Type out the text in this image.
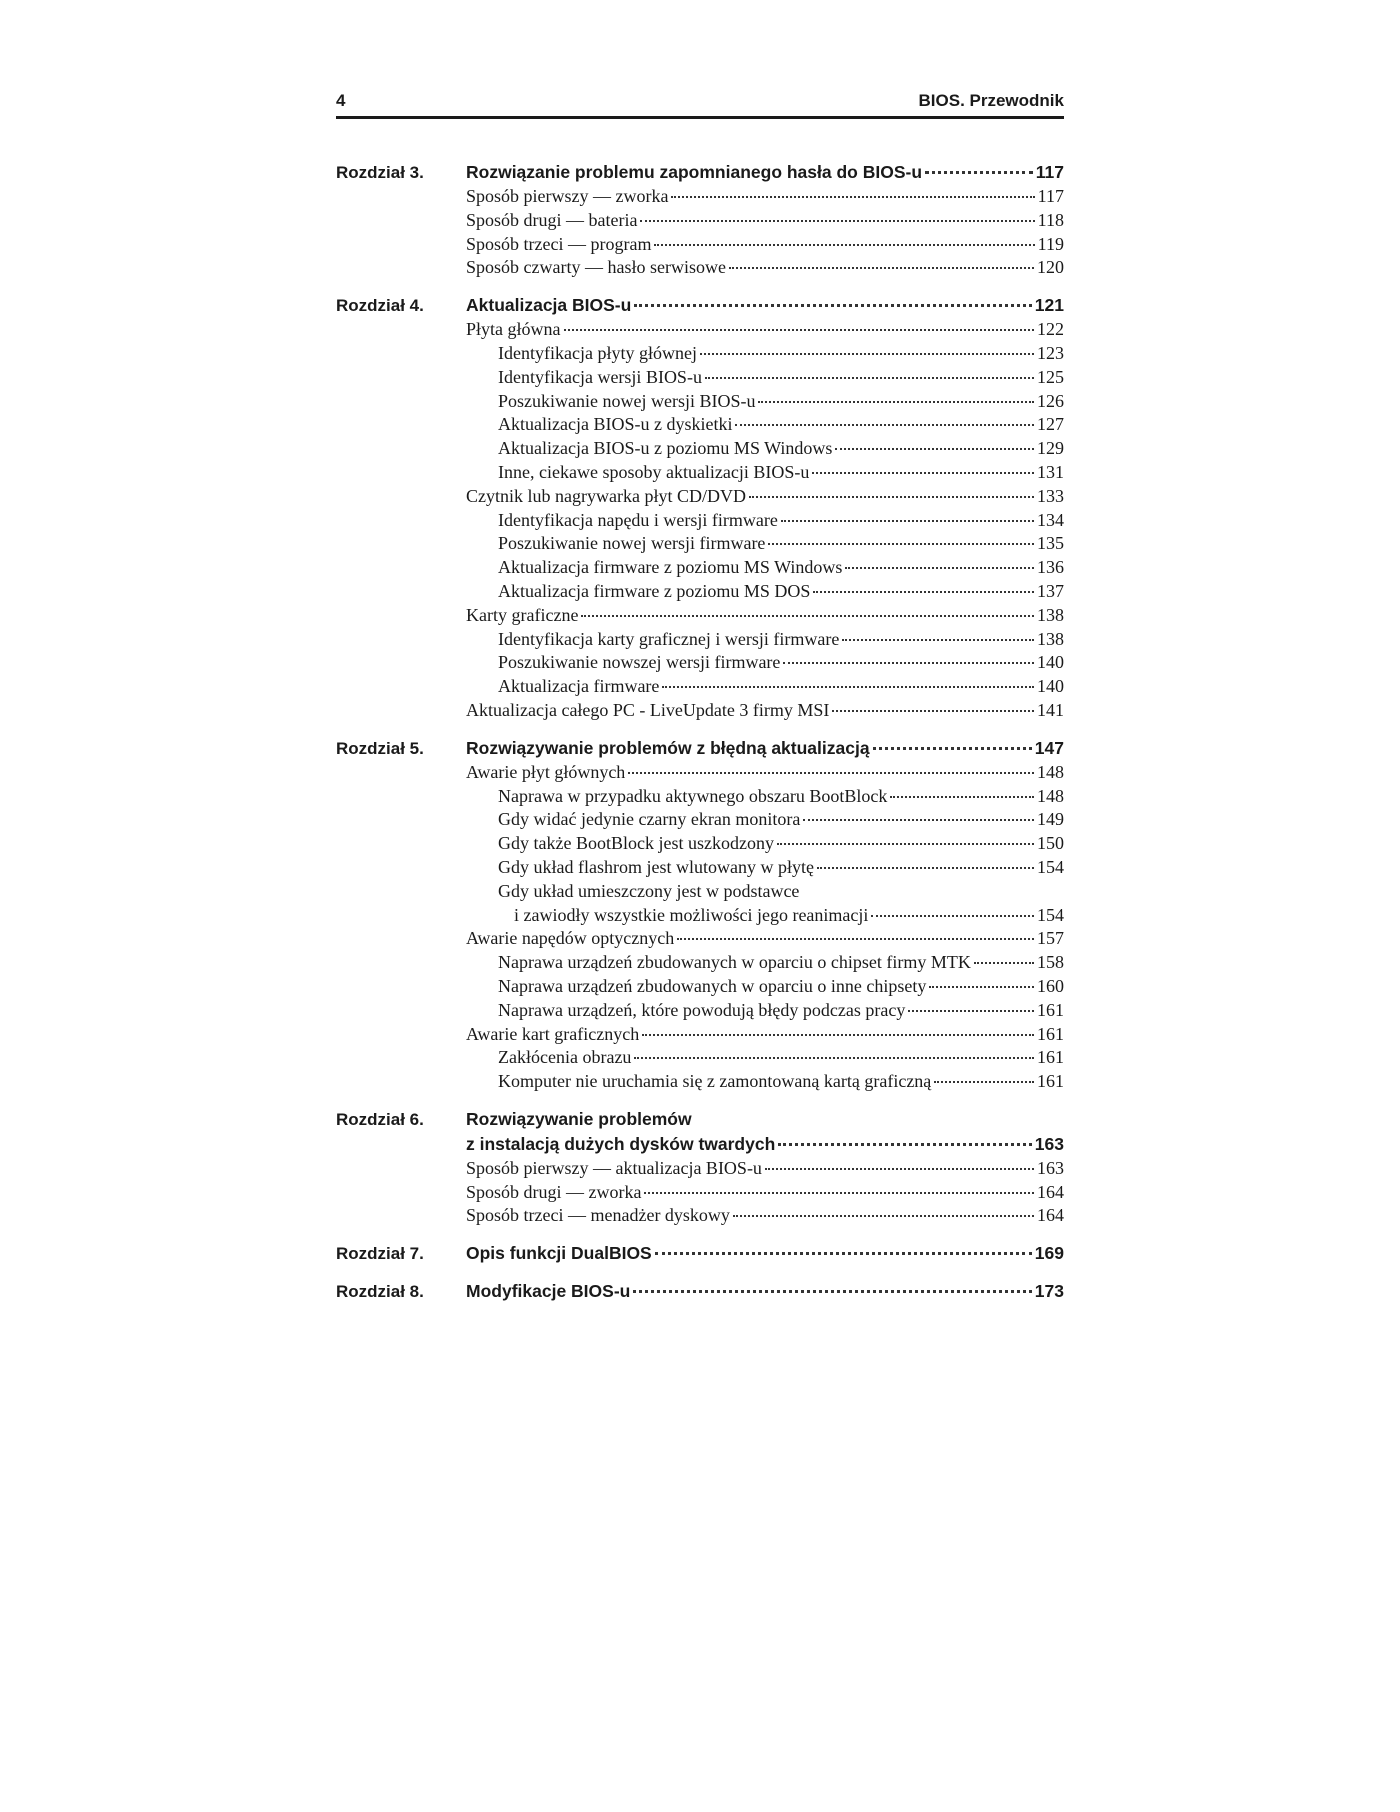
4	BIOS. Przewodnik
Rozdział 3. Rozwiązanie problemu zapomnianego hasła do BIOS-u	117
Sposób pierwszy — zworka	117
Sposób drugi — bateria	118
Sposób trzeci — program	119
Sposób czwarty — hasło serwisowe	120
Rozdział 4. Aktualizacja BIOS-u	121
Płyta główna	122
Identyfikacja płyty głównej	123
Identyfikacja wersji BIOS-u	125
Poszukiwanie nowej wersji BIOS-u	126
Aktualizacja BIOS-u z dyskietki	127
Aktualizacja BIOS-u z poziomu MS Windows	129
Inne, ciekawe sposoby aktualizacji BIOS-u	131
Czytnik lub nagrywarka płyt CD/DVD	133
Identyfikacja napędu i wersji firmware	134
Poszukiwanie nowej wersji firmware	135
Aktualizacja firmware z poziomu MS Windows	136
Aktualizacja firmware z poziomu MS DOS	137
Karty graficzne	138
Identyfikacja karty graficznej i wersji firmware	138
Poszukiwanie nowszej wersji firmware	140
Aktualizacja firmware	140
Aktualizacja całego PC - LiveUpdate 3 firmy MSI	141
Rozdział 5. Rozwiązywanie problemów z błędną aktualizacją	147
Awarie płyt głównych	148
Naprawa w przypadku aktywnego obszaru BootBlock	148
Gdy widać jedynie czarny ekran monitora	149
Gdy także BootBlock jest uszkodzony	150
Gdy układ flashrom jest wlutowany w płytę	154
Gdy układ umieszczony jest w podstawce
i zawiodły wszystkie możliwości jego reanimacji	154
Awarie napędów optycznych	157
Naprawa urządzeń zbudowanych w oparciu o chipset firmy MTK	158
Naprawa urządzeń zbudowanych w oparciu o inne chipsety	160
Naprawa urządzeń, które powodują błędy podczas pracy	161
Awarie kart graficznych	161
Zakłócenia obrazu	161
Komputer nie uruchamia się z zamontowaną kartą graficzną	161
Rozdział 6. Rozwiązywanie problemów
z instalacją dużych dysków twardych	163
Sposób pierwszy –– aktualizacja BIOS-u	163
Sposób drugi — zworka	164
Sposób trzeci — menadżer dyskowy	164
Rozdział 7. Opis funkcji DualBIOS	169
Rozdział 8. Modyfikacje BIOS-u	173
